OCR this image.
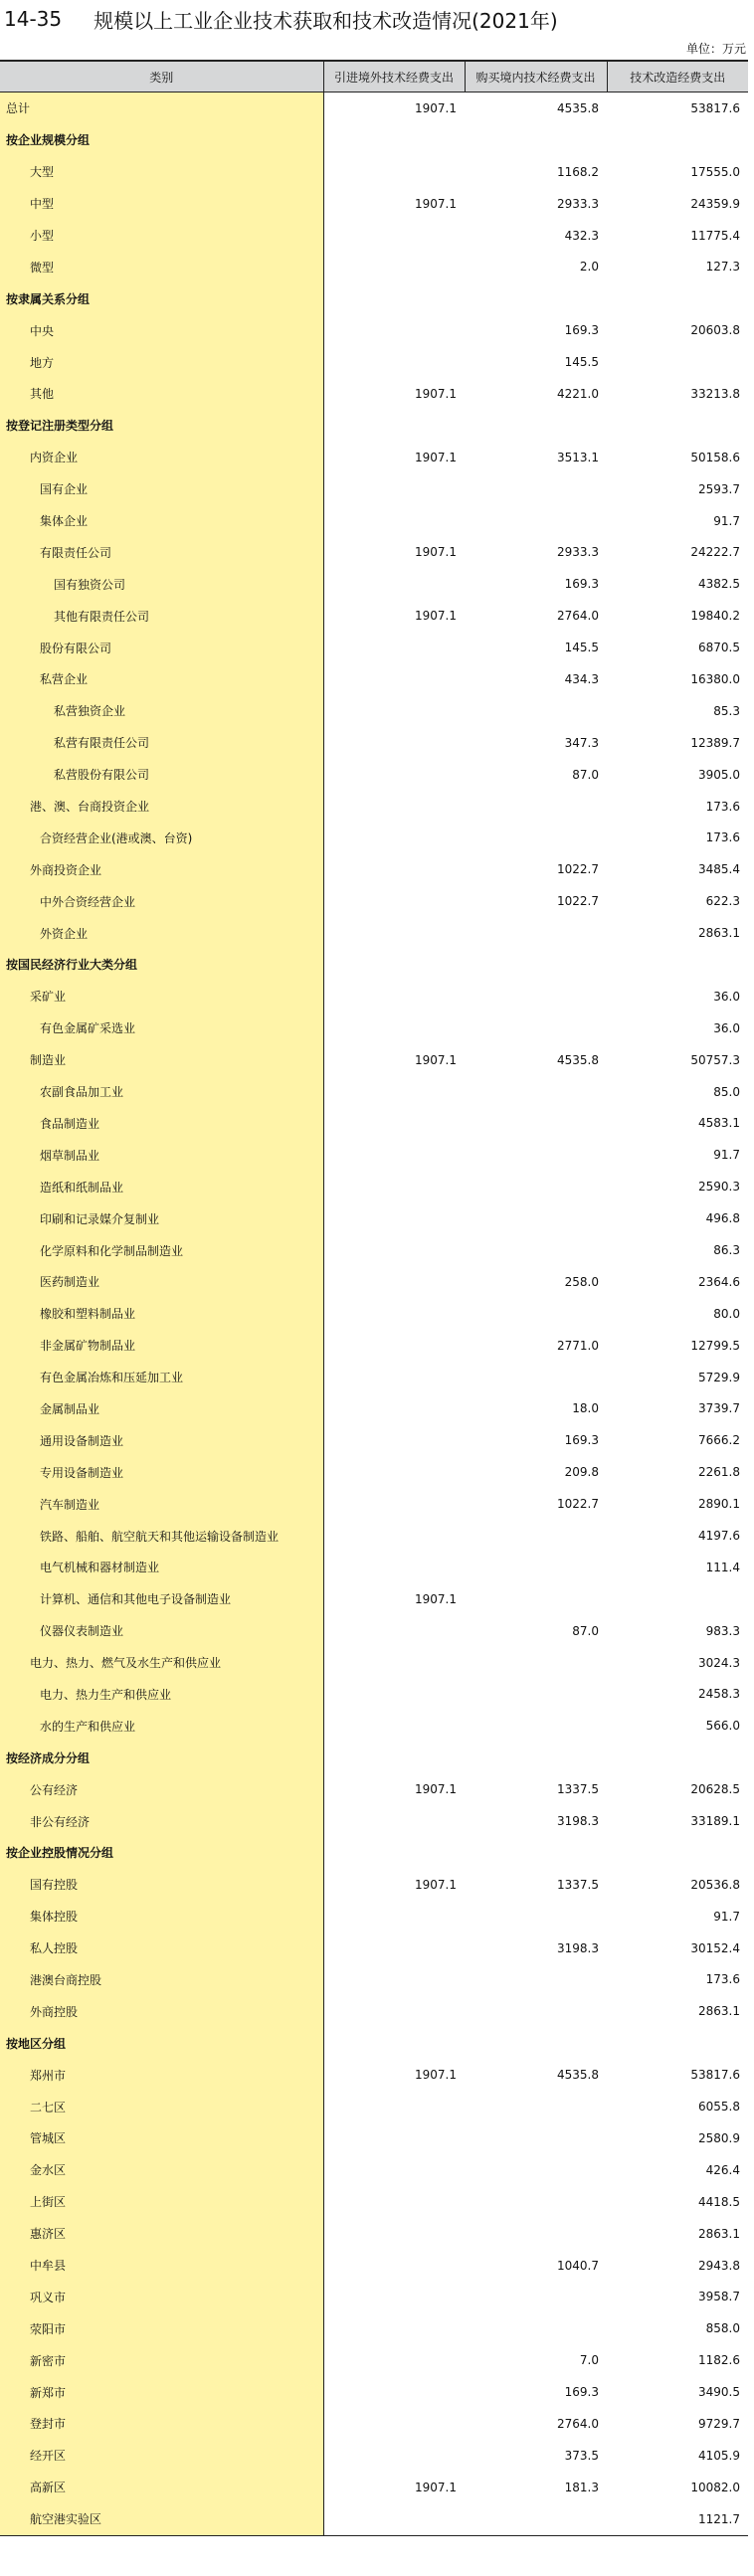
14-35 规模以上工业企业技术获取和技术改造情况(2021年)
单位：万元
类别	引进境外技术经费支出	购买境内技术经费支出	技术改造经费支出
总计	1907.1	4535.8	53817.6
按企业规模分组			
大型		1168.2	17555.0
中型	1907.1	2933.3	24359.9
小型		432.3	11775.4
微型		2.0	127.3
按隶属关系分组			
中央		169.3	20603.8
地方		145.5	
其他	1907.1	4221.0	33213.8
按登记注册类型分组			
内资企业	1907.1	3513.1	50158.6
国有企业			2593.7
集体企业			91.7
有限责任公司	1907.1	2933.3	24222.7
国有独资公司		169.3	4382.5
其他有限责任公司	1907.1	2764.0	19840.2
股份有限公司		145.5	6870.5
私营企业		434.3	16380.0
私营独资企业			85.3
私营有限责任公司		347.3	12389.7
私营股份有限公司		87.0	3905.0
港、澳、台商投资企业			173.6
合资经营企业(港或澳、台资)			173.6
外商投资企业		1022.7	3485.4
中外合资经营企业		1022.7	622.3
外资企业			2863.1
按国民经济行业大类分组			
采矿业			36.0
有色金属矿采选业			36.0
制造业	1907.1	4535.8	50757.3
农副食品加工业			85.0
食品制造业			4583.1
烟草制品业			91.7
造纸和纸制品业			2590.3
印刷和记录媒介复制业			496.8
化学原料和化学制品制造业			86.3
医药制造业		258.0	2364.6
橡胶和塑料制品业			80.0
非金属矿物制品业		2771.0	12799.5
有色金属冶炼和压延加工业			5729.9
金属制品业		18.0	3739.7
通用设备制造业		169.3	7666.2
专用设备制造业		209.8	2261.8
汽车制造业		1022.7	2890.1
铁路、船舶、航空航天和其他运输设备制造业			4197.6
电气机械和器材制造业			111.4
计算机、通信和其他电子设备制造业	1907.1		
仪器仪表制造业		87.0	983.3
电力、热力、燃气及水生产和供应业			3024.3
电力、热力生产和供应业			2458.3
水的生产和供应业			566.0
按经济成分分组			
公有经济	1907.1	1337.5	20628.5
非公有经济		3198.3	33189.1
按企业控股情况分组			
国有控股	1907.1	1337.5	20536.8
集体控股			91.7
私人控股		3198.3	30152.4
港澳台商控股			173.6
外商控股			2863.1
按地区分组			
郑州市	1907.1	4535.8	53817.6
二七区			6055.8
管城区			2580.9
金水区			426.4
上街区			4418.5
惠济区			2863.1
中牟县		1040.7	2943.8
巩义市			3958.7
荥阳市			858.0
新密市		7.0	1182.6
新郑市		169.3	3490.5
登封市		2764.0	9729.7
经开区		373.5	4105.9
高新区	1907.1	181.3	10082.0
航空港实验区			1121.7
